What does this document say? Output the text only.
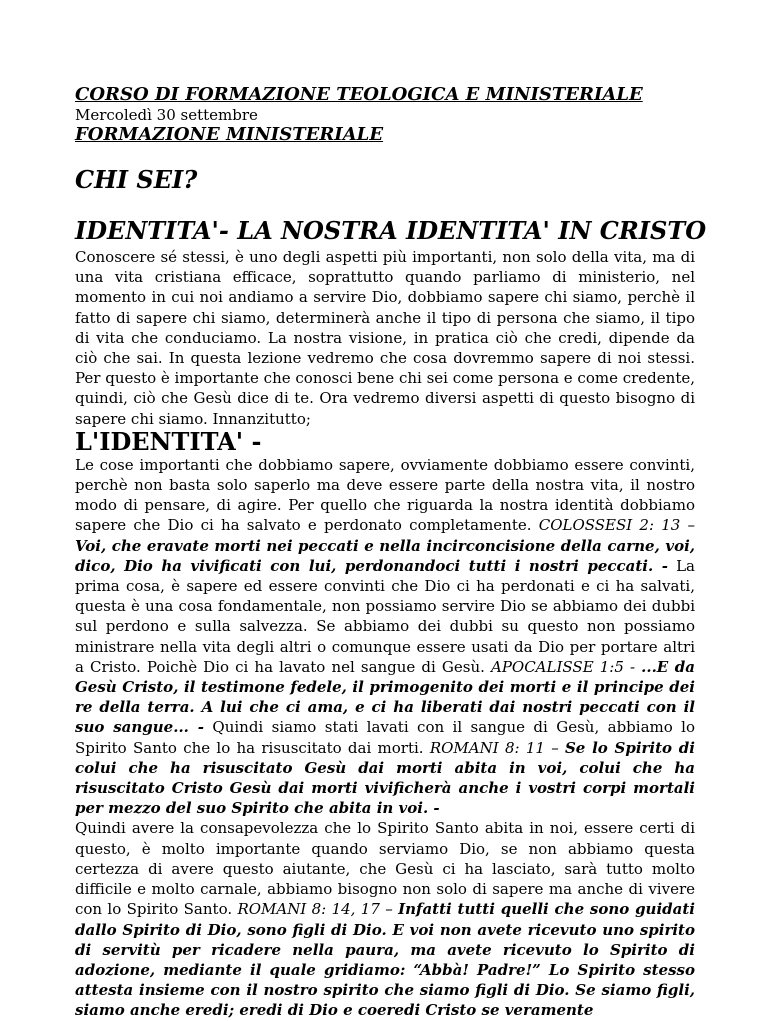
CORSO DI FORMAZIONE TEOLOGICA E MINISTERIALE

Mercoledì 30 settembre

FORMAZIONE MINISTERIALE
CHI SEI?
IDENTITA'- LA NOSTRA IDENTITA' IN CRISTO

Conoscere sé stessi, è uno degli aspetti più importanti, non solo della vita, ma di una vita cristiana efficace, soprattutto quando parliamo di ministerio, nel momento in cui noi andiamo a servire Dio, dobbiamo sapere chi siamo, perchè il fatto di sapere chi siamo, determinerà anche il tipo di persona che siamo, il tipo di vita che conduciamo. La nostra visione, in pratica ciò che credi, dipende da ciò che sai. In questa lezione vedremo che cosa dovremmo sapere di noi stessi. Per questo è importante che conosci bene chi sei come persona e come credente, quindi, ciò che Gesù dice di te. Ora vedremo diversi aspetti di questo bisogno di sapere chi siamo. Innanzitutto;

L'IDENTITA' -

Le cose importanti che dobbiamo sapere, ovviamente dobbiamo essere convinti, perchè non basta solo saperlo ma deve essere parte della nostra vita, il nostro modo di pensare, di agire. Per quello che riguarda la nostra identità dobbiamo sapere che Dio ci ha salvato e perdonato completamente. COLOSSESI 2: 13 – Voi, che eravate morti nei peccati e nella incirconcisione della carne, voi, dico, Dio ha vivificati con lui, perdonandoci tutti i nostri peccati. - La prima cosa, è sapere ed essere convinti che Dio ci ha perdonati e ci ha salvati, questa è una cosa fondamentale, non possiamo servire Dio se abbiamo dei dubbi sul perdono e sulla salvezza. Se abbiamo dei dubbi su questo non possiamo ministrare nella vita degli altri o comunque essere usati da Dio per portare altri a Cristo. Poichè Dio ci ha lavato nel sangue di Gesù. APOCALISSE 1:5 - ...E da Gesù Cristo, il testimone fedele, il primogenito dei morti e il principe dei re della terra. A lui che ci ama, e ci ha liberati dai nostri peccati con il suo sangue... - Quindi siamo stati lavati con il sangue di Gesù, abbiamo lo Spirito Santo che lo ha risuscitato dai morti. ROMANI 8: 11 – Se lo Spirito di colui che ha risuscitato Gesù dai morti abita in voi, colui che ha risuscitato Cristo Gesù dai morti vivificherà anche i vostri corpi mortali per mezzo del suo Spirito che abita in voi. -

Quindi avere la consapevolezza che lo Spirito Santo abita in noi, essere certi di questo, è molto importante quando serviamo Dio, se non abbiamo questa certezza di avere questo aiutante, che Gesù ci ha lasciato, sarà tutto molto difficile e molto carnale, abbiamo bisogno non solo di sapere ma anche di vivere con lo Spirito Santo. ROMANI 8: 14, 17 – Infatti tutti quelli che sono guidati dallo Spirito di Dio, sono figli di Dio. E voi non avete ricevuto uno spirito di servitù per ricadere nella paura, ma avete ricevuto lo Spirito di adozione, mediante il quale gridiamo: “Abbà! Padre!” Lo Spirito stesso attesta insieme con il nostro spirito che siamo figli di Dio. Se siamo figli, siamo anche eredi; eredi di Dio e coeredi Cristo se veramente
